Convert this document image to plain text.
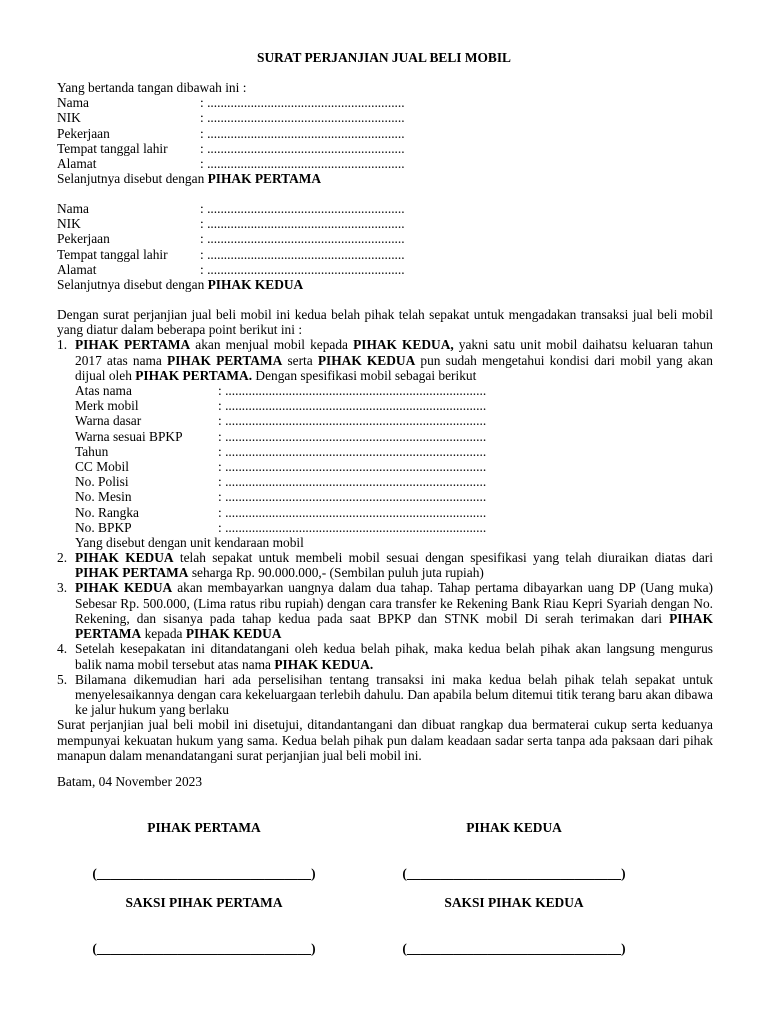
SURAT PERJANJIAN JUAL BELI MOBIL
Yang bertanda tangan dibawah ini :
Nama	: ...........................................................
NIK	: ...........................................................
Pekerjaan	: ...........................................................
Tempat tanggal lahir	: ...........................................................
Alamat	: ...........................................................
Selanjutnya disebut dengan PIHAK PERTAMA
Nama	: ...........................................................
NIK	: ...........................................................
Pekerjaan	: ...........................................................
Tempat tanggal lahir	: ...........................................................
Alamat	: ...........................................................
Selanjutnya disebut dengan PIHAK KEDUA
Dengan surat perjanjian jual beli mobil ini kedua belah pihak telah sepakat untuk mengadakan transaksi jual beli mobil yang diatur dalam beberapa point berikut ini :
1. PIHAK PERTAMA akan menjual mobil kepada PIHAK KEDUA, yakni satu unit mobil daihatsu keluaran tahun 2017 atas nama PIHAK PERTAMA serta PIHAK KEDUA pun sudah mengetahui kondisi dari mobil yang akan dijual oleh PIHAK PERTAMA. Dengan spesifikasi mobil sebagai berikut
Atas nama	: ..............................................................................
Merk mobil	: ..............................................................................
Warna dasar	: ..............................................................................
Warna sesuai BPKP	: ..............................................................................
Tahun	: ..............................................................................
CC Mobil	: ..............................................................................
No. Polisi	: ..............................................................................
No. Mesin	: ..............................................................................
No. Rangka	: ..............................................................................
No. BPKP	: ..............................................................................
Yang disebut dengan unit kendaraan mobil
2. PIHAK KEDUA telah sepakat untuk membeli mobil sesuai dengan spesifikasi yang telah diuraikan diatas dari PIHAK PERTAMA seharga Rp. 90.000.000,- (Sembilan puluh juta rupiah)
3. PIHAK KEDUA akan membayarkan uangnya dalam dua tahap. Tahap pertama dibayarkan uang DP (Uang muka) Sebesar Rp. 500.000, (Lima ratus ribu rupiah) dengan cara transfer ke Rekening Bank Riau Kepri Syariah dengan No. Rekening, dan sisanya pada tahap kedua pada saat BPKP dan STNK mobil Di serah terimakan dari PIHAK PERTAMA kepada PIHAK KEDUA
4. Setelah kesepakatan ini ditandatangani oleh kedua belah pihak, maka kedua belah pihak akan langsung mengurus balik nama mobil tersebut atas nama PIHAK KEDUA.
5. Bilamana dikemudian hari ada perselisihan tentang transaksi ini maka kedua belah pihak telah sepakat untuk menyelesaikannya dengan cara kekeluargaan terlebih dahulu. Dan apabila belum ditemui titik terang baru akan dibawa ke jalur hukum yang berlaku
Surat perjanjian jual beli mobil ini disetujui, ditandantangani dan dibuat rangkap dua bermaterai cukup serta keduanya mempunyai kekuatan hukum yang sama. Kedua belah pihak pun dalam keadaan sadar serta tanpa ada paksaan dari pihak manapun dalam menandatangani surat perjanjian jual beli mobil ini.
Batam, 04 November 2023
PIHAK PERTAMA	PIHAK KEDUA
(________________________________)	(________________________________)
SAKSI PIHAK PERTAMA	SAKSI PIHAK KEDUA
(________________________________)	(________________________________)
